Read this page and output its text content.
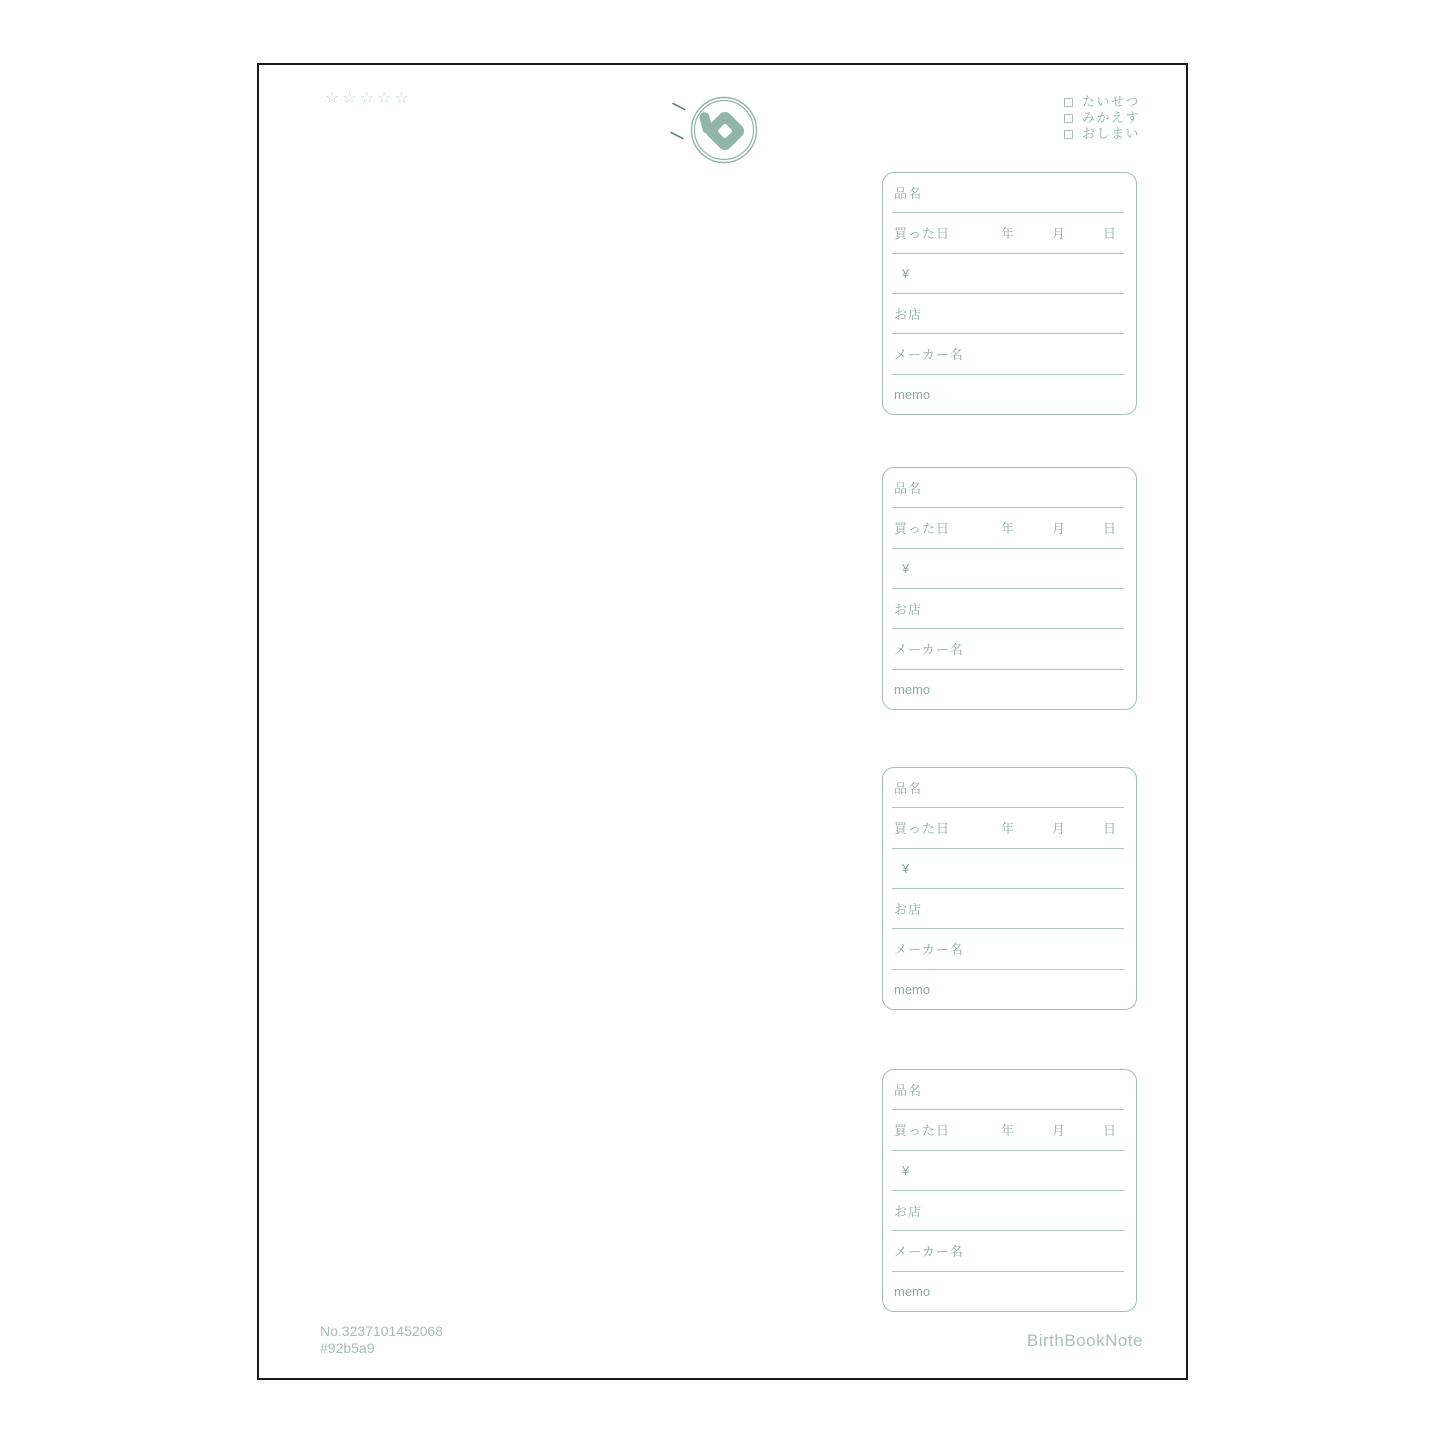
☆☆☆☆☆	たいせつ
みかえす
おしまい
品名
買った日	年	月	日
¥
お店
メーカー名
memo
品名
買った日	年	月	日
¥
お店
メーカー名
memo
品名
買った日	年	月	日
¥
お店
メーカー名
memo
品名
買った日	年	月	日
¥
お店
メーカー名
memo
No.3237101452068
#92b5a9	BirthBookNote
